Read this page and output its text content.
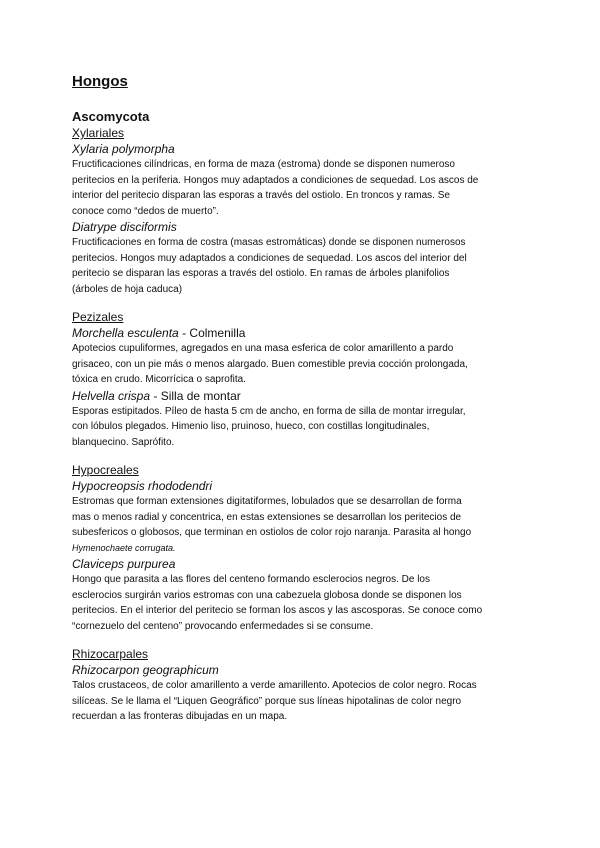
Hongos
Ascomycota
Xylariales
Xylaria polymorpha
Fructificaciones cilíndricas, en forma de maza (estroma) donde se disponen numeroso
peritecios en la periferia. Hongos muy adaptados a condiciones de sequedad. Los ascos de
interior del peritecio disparan las esporas a través del ostiolo. En troncos y ramas. Se
conoce como “dedos de muerto”.

Diatrype disciformis
Fructificaciones en forma de costra (masas estromáticas) donde se disponen numerosos
peritecios. Hongos muy adaptados a condiciones de sequedad. Los ascos del interior del
peritecio se disparan las esporas a través del ostiolo. En ramas de árboles planifolios
(árboles de hoja caduca)

Pezizales
Morchella esculenta - Colmenilla
Apotecios cupuliformes, agregados en una masa esferica de color amarillento a pardo
grisaceo, con un pie más o menos alargado. Buen comestible previa cocción prolongada,
tóxica en crudo. Micorrícica o saprofita.

Helvella crispa - Silla de montar
Esporas estipitados. Píleo de hasta 5 cm de ancho, en forma de silla de montar irregular,
con lóbulos plegados. Himenio liso, pruinoso, hueco, con costillas longitudinales,
blanquecino. Saprófito.

Hypocreales
Hypocreopsis rhododendri
Estromas que forman extensiones digitatiformes, lobulados que se desarrollan de forma
mas o menos radial y concentrica, en estas extensiones se desarrollan los peritecios de
subesfericos o globosos, que terminan en ostiolos de color rojo naranja. Parasita al hongo
Hymenochaete corrugata.
Claviceps purpurea
Hongo que parasita a las flores del centeno formando esclerocios negros. De los
esclerocios surgirán varios estromas con una cabezuela globosa donde se disponen los
peritecios. En el interior del peritecio se forman los ascos y las ascosporas. Se conoce como
“cornezuelo del centeno” provocando enfermedades si se consume.

Rhizocarpales
Rhizocarpon geographicum
Talos crustaceos, de color amarillento a verde amarillento. Apotecios de color negro. Rocas
silíceas. Se le llama el “Liquen Geográfico” porque sus líneas hipotalinas de color negro
recuerdan a las fronteras dibujadas en un mapa.
